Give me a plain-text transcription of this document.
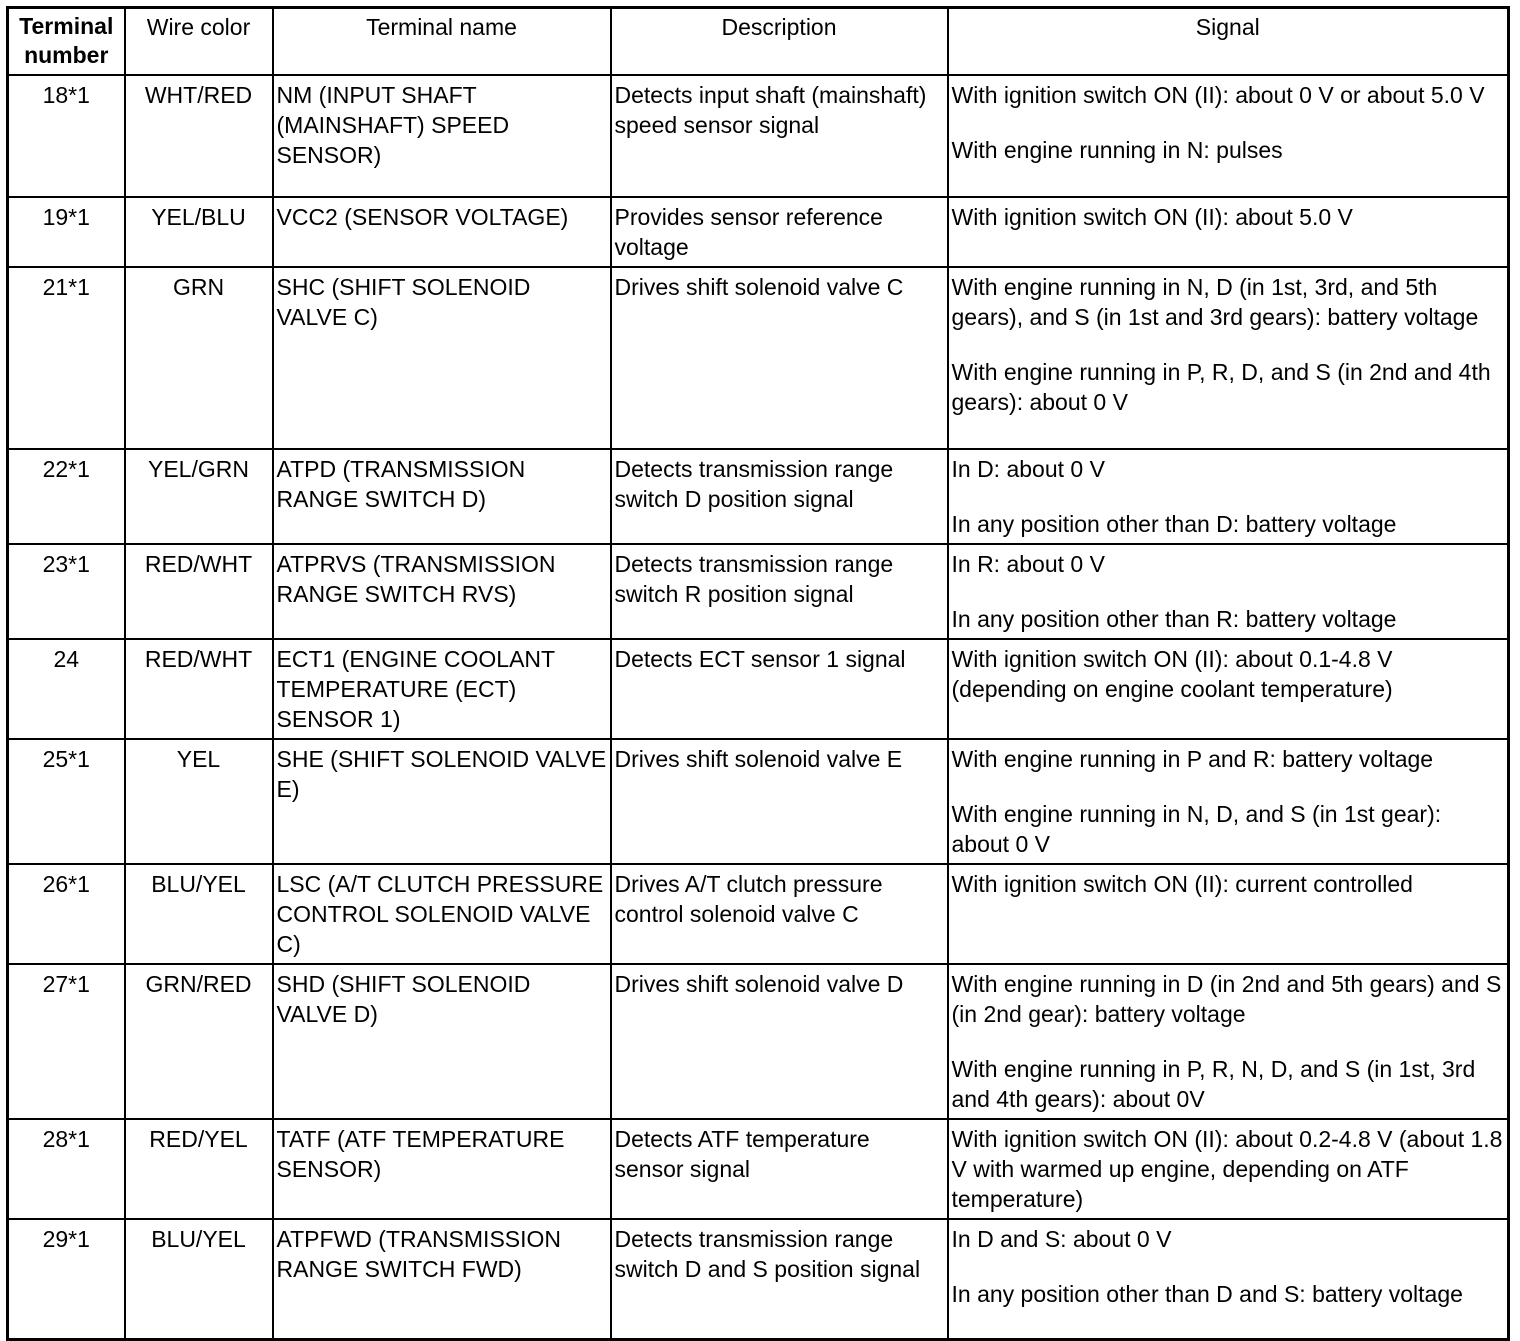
Terminal number	Wire color	Terminal name	Description	Signal
18*1	WHT/RED	NM (INPUT SHAFT (MAINSHAFT) SPEED SENSOR)	Detects input shaft (mainshaft) speed sensor signal	With ignition switch ON (II): about 0 V or about 5.0 V
With engine running in N: pulses

19*1	YEL/BLU	VCC2 (SENSOR VOLTAGE)	Provides sensor reference voltage	With ignition switch ON (II): about 5.0 V

21*1	GRN	SHC (SHIFT SOLENOID VALVE C)	Drives shift solenoid valve C	With engine running in N, D (in 1st, 3rd, and 5th gears), and S (in 1st and 3rd gears): battery voltage
With engine running in P, R, D, and S (in 2nd and 4th gears): about 0 V

22*1	YEL/GRN	ATPD (TRANSMISSION RANGE SWITCH D)	Detects transmission range switch D position signal	In D: about 0 V
In any position other than D: battery voltage

23*1	RED/WHT	ATPRVS (TRANSMISSION RANGE SWITCH RVS)	Detects transmission range switch R position signal	In R: about 0 V
In any position other than R: battery voltage

24	RED/WHT	ECT1 (ENGINE COOLANT TEMPERATURE (ECT) SENSOR 1)	Detects ECT sensor 1 signal	With ignition switch ON (II): about 0.1-4.8 V (depending on engine coolant temperature)

25*1	YEL	SHE (SHIFT SOLENOID VALVE E)	Drives shift solenoid valve E	With engine running in P and R: battery voltage
With engine running in N, D, and S (in 1st gear): about 0 V

26*1	BLU/YEL	LSC (A/T CLUTCH PRESSURE CONTROL SOLENOID VALVE C)	Drives A/T clutch pressure control solenoid valve C	With ignition switch ON (II): current controlled

27*1	GRN/RED	SHD (SHIFT SOLENOID VALVE D)	Drives shift solenoid valve D	With engine running in D (in 2nd and 5th gears) and S (in 2nd gear): battery voltage
With engine running in P, R, N, D, and S (in 1st, 3rd and 4th gears): about 0V

28*1	RED/YEL	TATF (ATF TEMPERATURE SENSOR)	Detects ATF temperature sensor signal	With ignition switch ON (II): about 0.2-4.8 V (about 1.8 V with warmed up engine, depending on ATF temperature)

29*1	BLU/YEL	ATPFWD (TRANSMISSION RANGE SWITCH FWD)	Detects transmission range switch D and S position signal	In D and S: about 0 V
In any position other than D and S: battery voltage
